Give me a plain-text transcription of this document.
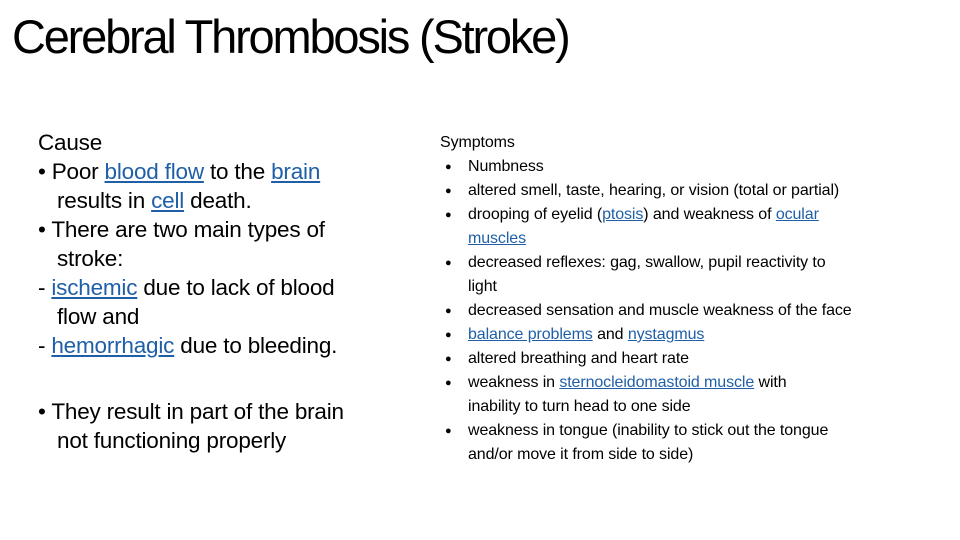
Cerebral Thrombosis (Stroke)
Cause
• Poor blood flow to the brain
results in cell death.
• There are two main types of
stroke:
- ischemic due to lack of blood
flow and
- hemorrhagic due to bleeding.
• They result in part of the brain
not functioning properly
Symptoms
● Numbness
● altered smell, taste, hearing, or vision (total or partial)
● drooping of eyelid (ptosis) and weakness of ocular
muscles
● decreased reflexes: gag, swallow, pupil reactivity to
light
● decreased sensation and muscle weakness of the face
● balance problems and nystagmus
● altered breathing and heart rate
● weakness in sternocleidomastoid muscle with
inability to turn head to one side
● weakness in tongue (inability to stick out the tongue
and/or move it from side to side)
